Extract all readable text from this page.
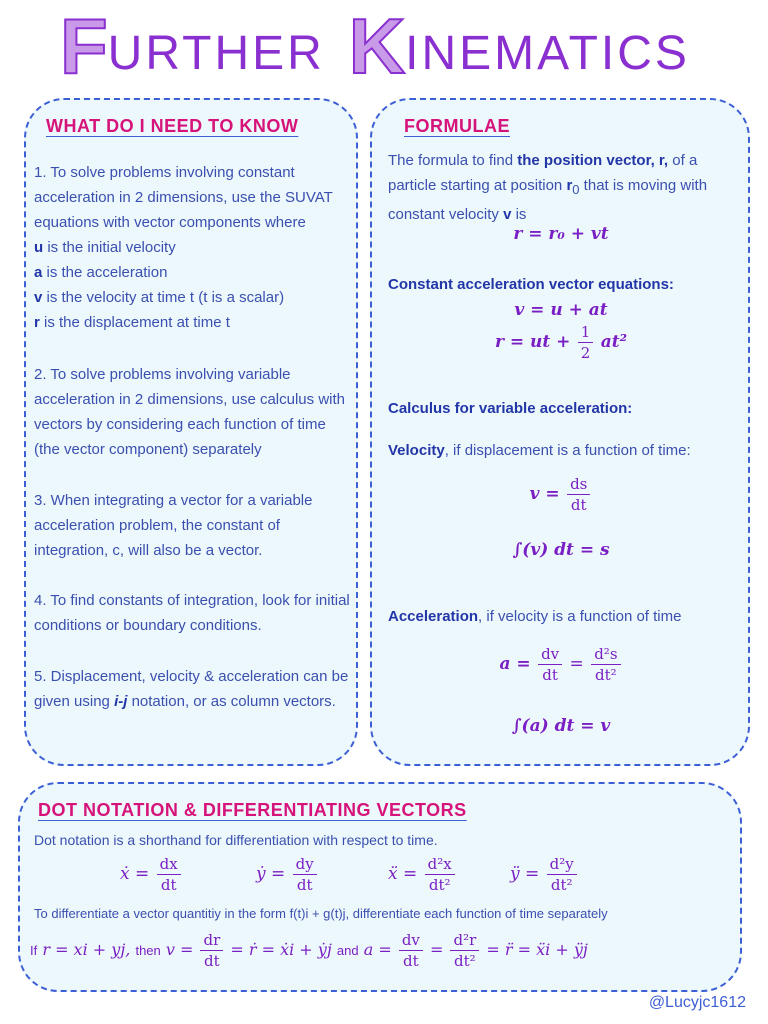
FURTHER KINEMATICS
WHAT DO I NEED TO KNOW
1. To solve problems involving constant acceleration in 2 dimensions, use the SUVAT equations with vector components where
u is the initial velocity
a is the acceleration
v is the velocity at time t (t is a scalar)
r is the displacement at time t
2. To solve problems involving variable acceleration in 2 dimensions, use calculus with vectors by considering each function of time (the vector component) separately
3. When integrating a vector for a variable acceleration problem, the constant of integration, c, will also be a vector.
4. To find constants of integration, look for initial conditions or boundary conditions.
5. Displacement, velocity & acceleration can be given using i-j notation, or as column vectors.
FORMULAE
The formula to find the position vector, r, of a particle starting at position $r_0$ that is moving with constant velocity v is
r = r₀ + vt
Constant acceleration vector equations:
v = u + at
r = ut + $\frac{1}{2} at^2$
Calculus for variable acceleration:
Velocity, if displacement is a function of time:
$v = \frac{ds}{dt}$
∫(v) dt = s
Acceleration, if velocity is a function of time
$a = \frac{dv}{dt} = \frac{\text{d²s}}{\text{dt²}}$
∫(a) dt = v
DOT NOTATION & DIFFERENTIATING VECTORS
Dot notation is a shorthand for differentiation with respect to time.
ẋ = $\frac{dx}{dt}$	ẏ = $\frac{dy}{dt}$	ẍ = $\frac{\text{d²x}}{\text{dt²}}$	ÿ = $\frac{\text{d²y}}{\text{dt²}}$
To differentiate a vector quantitiy in the form f(t)i + g(t)j, differentiate each function of time separately
If r = xi + yj, then $v = \frac{dr}{dt}$ = ṙ = ẋi + ẏj and $a = \frac{dv}{dt} = \frac{\text{d²r}}{\text{dt²}}$ = r̈ = ẍi + ÿj
@Lucyjc1612
